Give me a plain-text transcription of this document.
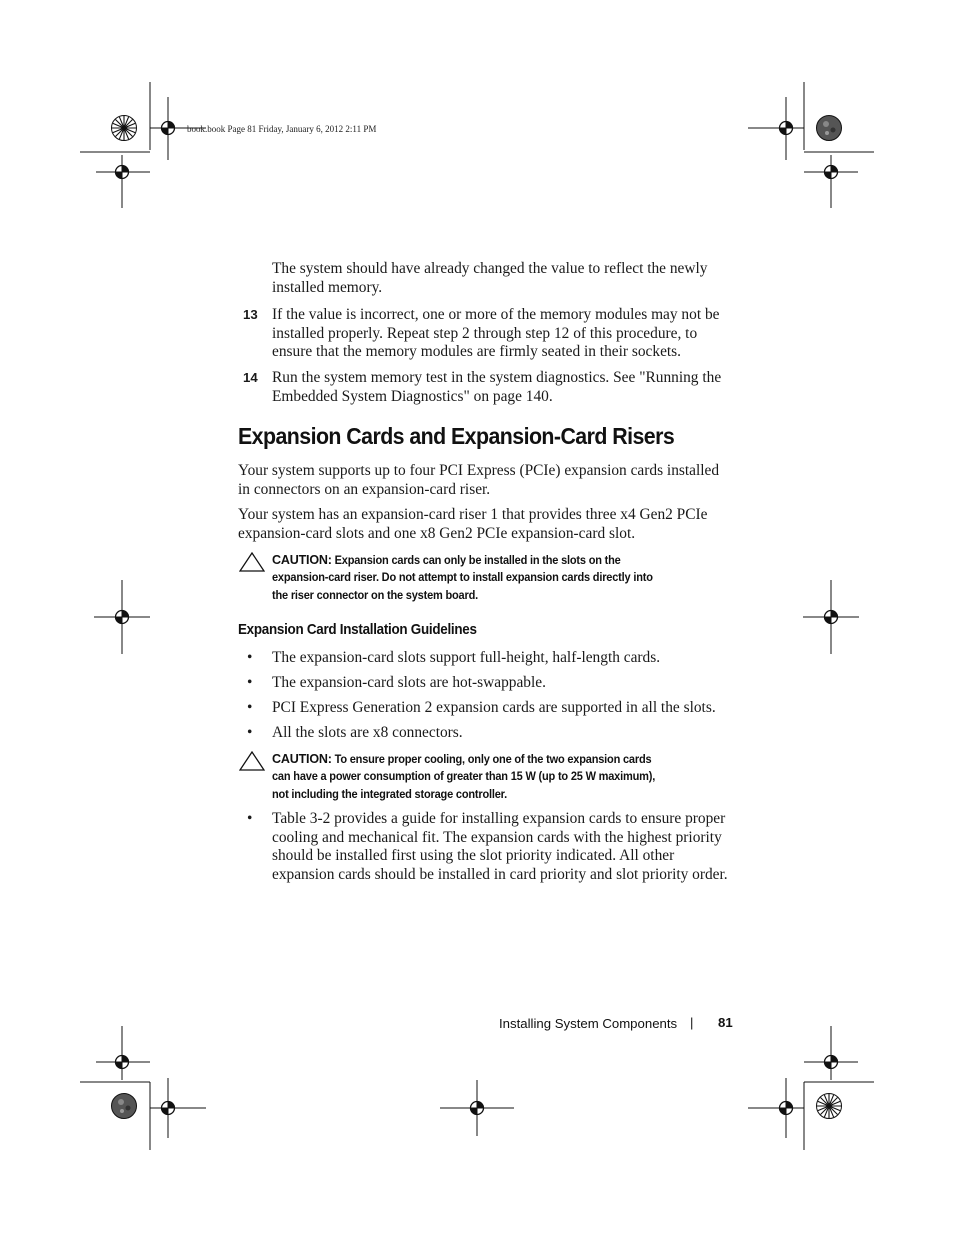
book.book Page 81 Friday, January 6, 2012 2:11 PM
The system should have already changed the value to reflect the newly
installed memory.
13 If the value is incorrect, one or more of the memory modules may not be
installed properly. Repeat step 2 through step 12 of this procedure, to
ensure that the memory modules are firmly seated in their sockets.
14 Run the system memory test in the system diagnostics. See "Running the
Embedded System Diagnostics" on page 140.
Expansion Cards and Expansion-Card Risers
Your system supports up to four PCI Express (PCIe) expansion cards installed
in connectors on an expansion-card riser.
Your system has an expansion-card riser 1 that provides three x4 Gen2 PCIe
expansion-card slots and one x8 Gen2 PCIe expansion-card slot.
CAUTION: Expansion cards can only be installed in the slots on the
expansion-card riser. Do not attempt to install expansion cards directly into
the riser connector on the system board.
Expansion Card Installation Guidelines
• The expansion-card slots support full-height, half-length cards.
• The expansion-card slots are hot-swappable.
• PCI Express Generation 2 expansion cards are supported in all the slots.
• All the slots are x8 connectors.
CAUTION: To ensure proper cooling, only one of the two expansion cards
can have a power consumption of greater than 15 W (up to 25 W maximum),
not including the integrated storage controller.
• Table 3-2 provides a guide for installing expansion cards to ensure proper
cooling and mechanical fit. The expansion cards with the highest priority
should be installed first using the slot priority indicated. All other
expansion cards should be installed in card priority and slot priority order.
Installing System Components | 81
